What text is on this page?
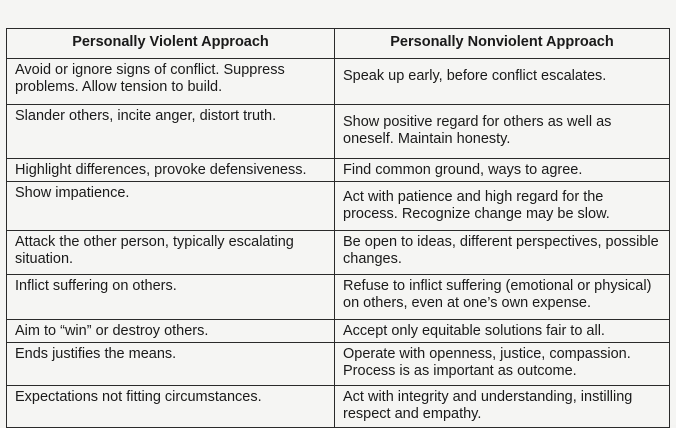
Personally Violent Approach	Personally Nonviolent Approach
Avoid or ignore signs of conflict. Suppress problems. Allow tension to build.	Speak up early, before conflict escalates.
Slander others, incite anger, distort truth.	Show positive regard for others as well as oneself. Maintain honesty.
Highlight differences, provoke defensiveness.	Find common ground, ways to agree.
Show impatience.	Act with patience and high regard for the process. Recognize change may be slow.
Attack the other person, typically escalating situation.	Be open to ideas, different perspectives, possible changes.
Inflict suffering on others.	Refuse to inflict suffering (emotional or physical) on others, even at one’s own expense.
Aim to “win” or destroy others.	Accept only equitable solutions fair to all.
Ends justifies the means.	Operate with openness, justice, compassion. Process is as important as outcome.
Expectations not fitting circumstances.	Act with integrity and understanding, instilling respect and empathy.
